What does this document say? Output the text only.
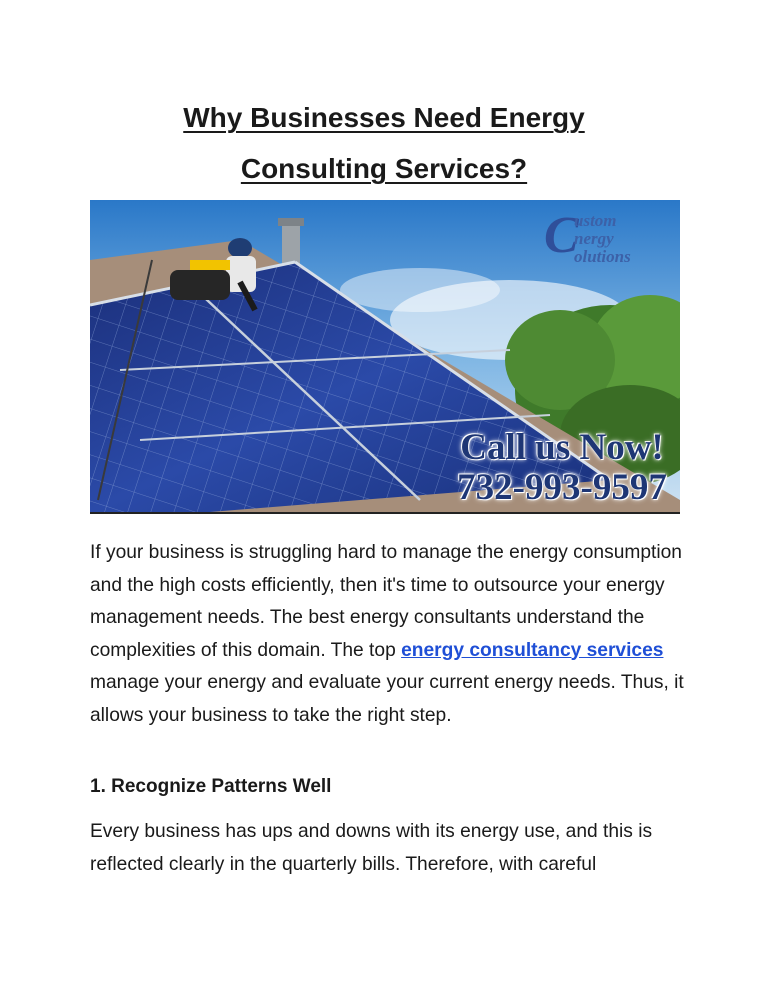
Why Businesses Need Energy
Consulting Services?
C
ustom
nergy
olutions
Call us Now!
732-993-9597

If your business is struggling hard to manage the energy consumption and the high costs efficiently, then it's time to outsource your energy management needs. The best energy consultants understand the complexities of this domain. The top energy consultancy services manage your energy and evaluate your current energy needs. Thus, it allows your business to take the right step.

1. Recognize Patterns Well

Every business has ups and downs with its energy use, and this is reflected clearly in the quarterly bills. Therefore, with careful
